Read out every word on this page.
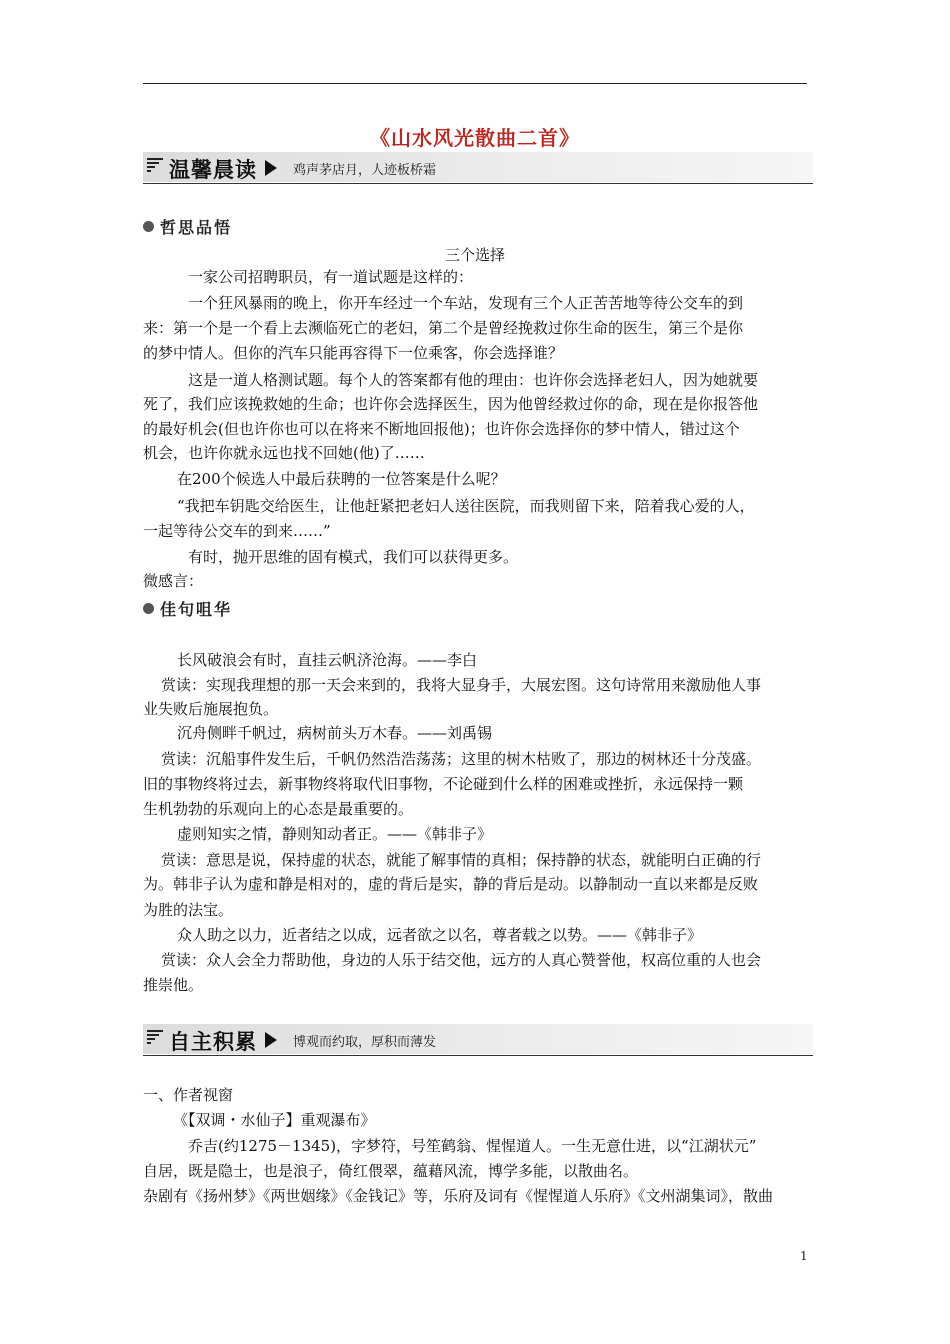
《山水风光散曲二首》
温馨晨读	鸡声茅店月，人迹板桥霜
哲思品悟
三个选择
一家公司招聘职员，有一道试题是这样的：
一个狂风暴雨的晚上，你开车经过一个车站，发现有三个人正苦苦地等待公交车的到
来：第一个是一个看上去濒临死亡的老妇，第二个是曾经挽救过你生命的医生，第三个是你
的梦中情人。但你的汽车只能再容得下一位乘客，你会选择谁？
这是一道人格测试题。每个人的答案都有他的理由：也许你会选择老妇人，因为她就要
死了，我们应该挽救她的生命；也许你会选择医生，因为他曾经救过你的命，现在是你报答他
的最好机会(但也许你也可以在将来不断地回报他)；也许你会选择你的梦中情人，错过这个
机会，也许你就永远也找不回她(他)了……
在200个候选人中最后获聘的一位答案是什么呢？
“我把车钥匙交给医生，让他赶紧把老妇人送往医院，而我则留下来，陪着我心爱的人，
一起等待公交车的到来……”
有时，抛开思维的固有模式，我们可以获得更多。
微感言：
佳句咀华
长风破浪会有时，直挂云帆济沧海。——李白
赏读：实现我理想的那一天会来到的，我将大显身手，大展宏图。这句诗常用来激励他人事
业失败后施展抱负。
沉舟侧畔千帆过，病树前头万木春。——刘禹锡
赏读：沉船事件发生后，千帆仍然浩浩荡荡；这里的树木枯败了，那边的树林还十分茂盛。
旧的事物终将过去，新事物终将取代旧事物，不论碰到什么样的困难或挫折，永远保持一颗
生机勃勃的乐观向上的心态是最重要的。
虚则知实之情，静则知动者正。——《韩非子》
赏读：意思是说，保持虚的状态，就能了解事情的真相；保持静的状态，就能明白正确的行
为。韩非子认为虚和静是相对的，虚的背后是实，静的背后是动。以静制动一直以来都是反败
为胜的法宝。
众人助之以力，近者结之以成，远者欲之以名，尊者载之以势。——《韩非子》
赏读：众人会全力帮助他，身边的人乐于结交他，远方的人真心赞誉他，权高位重的人也会
推崇他。
自主积累	博观而约取，厚积而薄发
一、作者视窗
《【双调・水仙子】重观瀑布》
乔吉(约1275－1345)，字梦符，号笙鹤翁、惺惺道人。一生无意仕进，以“江湖状元”
自居，既是隐士，也是浪子，倚红偎翠，蕴藉风流，博学多能，以散曲名。
杂剧有《扬州梦》《两世姻缘》《金钱记》等，乐府及词有《惺惺道人乐府》《文州湖集词》，散曲
1
